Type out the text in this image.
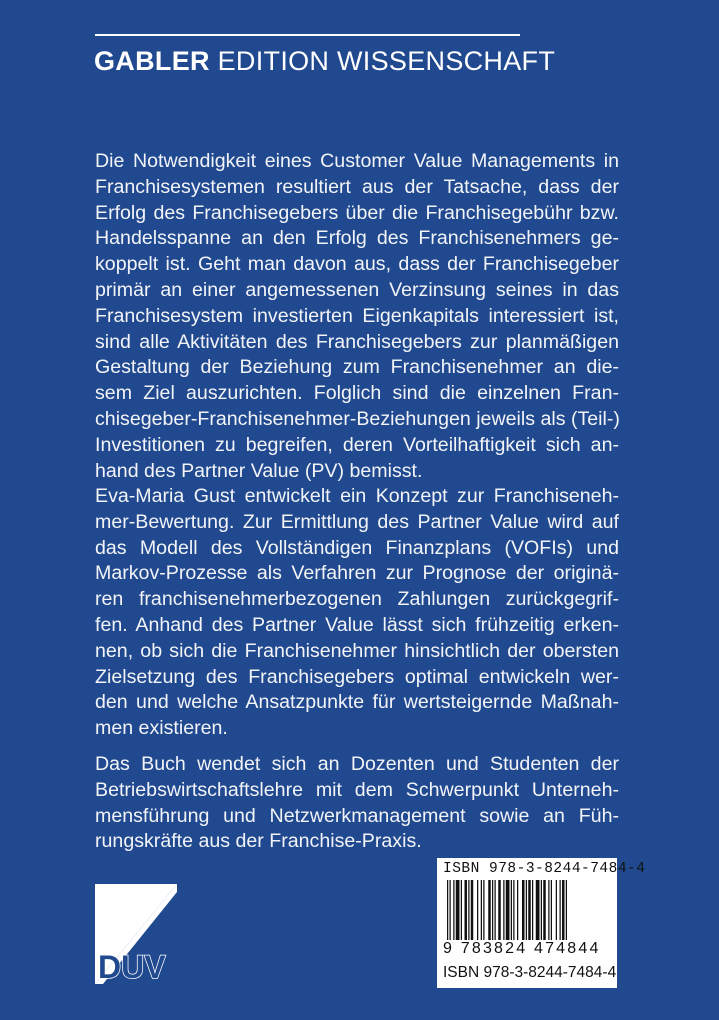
GABLER EDITION WISSENSCHAFT

Die Notwendigkeit eines Customer Value Managements in
Franchisesystemen resultiert aus der Tatsache, dass der
Erfolg des Franchisegebers über die Franchisegebühr bzw.
Handelsspanne an den Erfolg des Franchisenehmers ge-
koppelt ist. Geht man davon aus, dass der Franchisegeber
primär an einer angemessenen Verzinsung seines in das
Franchisesystem investierten Eigenkapitals interessiert ist,
sind alle Aktivitäten des Franchisegebers zur planmäßigen
Gestaltung der Beziehung zum Franchisenehmer an die-
sem Ziel auszurichten. Folglich sind die einzelnen Fran-
chisegeber-Franchisenehmer-Beziehungen jeweils als (Teil-)
Investitionen zu begreifen, deren Vorteilhaftigkeit sich an-
hand des Partner Value (PV) bemisst.

Eva-Maria Gust entwickelt ein Konzept zur Franchiseneh-
mer-Bewertung. Zur Ermittlung des Partner Value wird auf
das Modell des Vollständigen Finanzplans (VOFIs) und
Markov-Prozesse als Verfahren zur Prognose der originä-
ren franchisenehmerbezogenen Zahlungen zurückgegrif-
fen. Anhand des Partner Value lässt sich frühzeitig erken-
nen, ob sich die Franchisenehmer hinsichtlich der obersten
Zielsetzung des Franchisegebers optimal entwickeln wer-
den und welche Ansatzpunkte für wertsteigernde Maßnah-
men existieren.

Das Buch wendet sich an Dozenten und Studenten der
Betriebswirtschaftslehre mit dem Schwerpunkt Unterneh-
mensführung und Netzwerkmanagement sowie an Füh-
rungskräfte aus der Franchise-Praxis.

DUV
ISBN 978-3-8244-7484-4
9 783824 474844
ISBN 978-3-8244-7484-4
